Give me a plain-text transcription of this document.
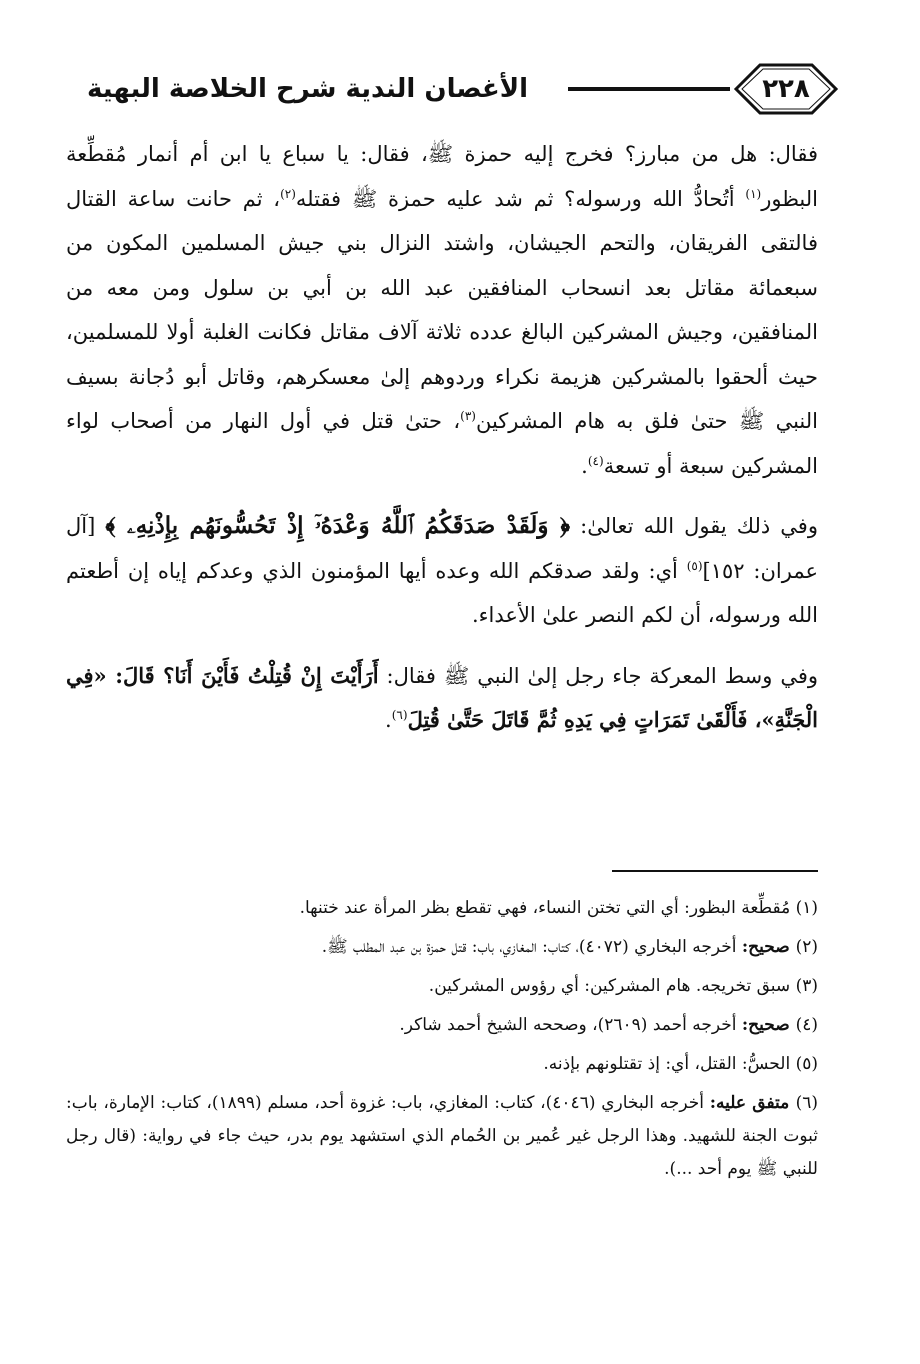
الأغصان الندية شرح الخلاصة البهية	٢٢٨

فقال: هل من مبارز؟ فخرج إليه حمزة ﷺ، فقال: يا سباع يا ابن أم أنمار مُقطِّعة البظور$^{(١)}$ أتُحادُّ الله ورسوله؟ ثم شد عليه حمزة ﷺ فقتله$^{(٢)}$، ثم حانت ساعة القتال فالتقى الفريقان، والتحم الجيشان، واشتد النزال بني جيش المسلمين المكون من سبعمائة مقاتل بعد انسحاب المنافقين عبد الله بن أبي بن سلول ومن معه من المنافقين، وجيش المشركين البالغ عدده ثلاثة آلاف مقاتل فكانت الغلبة أولا للمسلمين، حيث ألحقوا بالمشركين هزيمة نكراء وردوهم إلىٰ معسكرهم، وقاتل أبو دُجانة بسيف النبي ﷺ حتىٰ فلق به هام المشركين$^{(٣)}$، حتىٰ قتل في أول النهار من أصحاب لواء المشركين سبعة أو تسعة$^{(٤)}$.

وفي ذلك يقول الله تعالىٰ: ﴿ وَلَقَدْ صَدَقَكُمُ ٱللَّهُ وَعْدَهُۥٓ إِذْ تَحُسُّونَهُم بِإِذْنِهِۦ ﴾ [آل عمران: ١٥٢]$^{(٥)}$ أي: ولقد صدقكم الله وعده أيها المؤمنون الذي وعدكم إياه إن أطعتم الله ورسوله، أن لكم النصر علىٰ الأعداء.

وفي وسط المعركة جاء رجل إلىٰ النبي ﷺ فقال: أَرَأَيْتَ إِنْ قُتِلْتُ فَأَيْنَ أَنَا؟ قَالَ: «فِي الْجَنَّةِ»، فَأَلْقَىٰ تَمَرَاتٍ فِي يَدِهِ ثُمَّ قَاتَلَ حَتَّىٰ قُتِلَ$^{(٦)}$.

(١) مُقطِّعة البظور: أي التي تختن النساء، فهي تقطع بظر المرأة عند ختنها.

(٢) صحيح: أخرجه البخاري (٤٠٧٢)، كتاب: المغازي، باب: قتل حمزة بن عبد المطلب ﷺ.

(٣) سبق تخريجه. هام المشركين: أي رؤوس المشركين.

(٤) صحيح: أخرجه أحمد (٢٦٠٩)، وصححه الشيخ أحمد شاكر.

(٥) الحسُّ: القتل، أي: إذ تقتلونهم بإذنه.

(٦) متفق عليه: أخرجه البخاري (٤٠٤٦)، كتاب: المغازي، باب: غزوة أحد، مسلم (١٨٩٩)، كتاب: الإمارة، باب: ثبوت الجنة للشهيد. وهذا الرجل غير عُمير بن الحُمام الذي استشهد يوم بدر، حيث جاء في رواية: (قال رجل للنبي ﷺ يوم أحد ...).
